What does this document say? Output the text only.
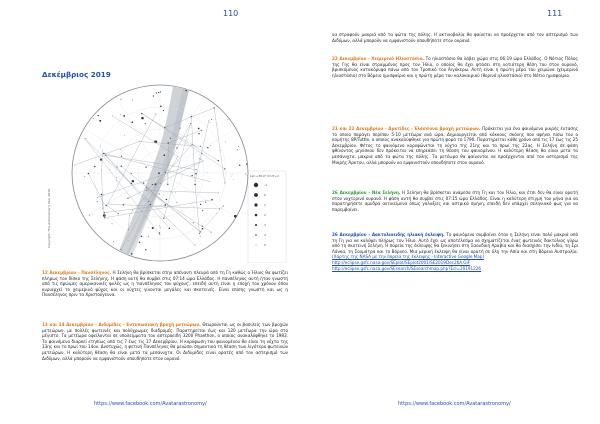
110
Δεκέμβριος 2019
Lat:+38.0° N UT+2
-1
0
1
2
3
4
5
Copyright: The Astronomer's Year 2019
12 Δεκεμβρίου - Πανσέληνος. Η Σελήνη θα βρίσκεται στην απέναντι πλευρά από τη Γη καθώς ο Ήλιος θα φωτίζει πλήρως τον δίσκο της Σελήνης. Η φάση αυτή θα συμβεί στις 07:14 ώρα Ελλάδος. Η πανσέληνος αυτή ήταν γνωστή από τις πρώιμες αμερικανικές φυλές ως η 'πανσέληνος του ψύχους', επειδή αυτή είναι η εποχή του χρόνου όπου κυριαρχεί το χειμερινό ψύχος και οι νύχτες γίνονται μεγάλες και σκοτεινές. Είναι επίσης γνωστή και ως η Πανσέληνος πριν τα Χριστούγεννα.
13 και 14 Δεκεμβρίου - Διδυμίδες - Εντυπωσιακή βροχή μετεώρων. Θεωρούνται ως οι βασιλείς των βροχών μετεώρων, με πολλές φωτεινές και πολύχρωμες διαδρομές. Παρατηρείται έως και 120 μετέωρα την ώρα στο μέγιστο. Τα μετέωρα οφείλονται σε υπολείμματα του αστεροειδή 3200 Phaethon, ο οποίος ανακαλύφθηκε το 1983. Το φαινόμενο διαρκεί ετησίως από τις 7 έως τις 17 Δεκεμβρίου. Η κορύφωση του φαινομένου θα είναι τη νύχτα της 13ης και το πρωί του 14ου. Δυστυχώς, η φετινή Πανσέληνος θα μειώσει σημαντικά τη θέαση των λιγότερο φωτεινών μετεώρων. Η καλύτερη θέαση θα είναι μετά τα μεσάνυχτα. Οι Διδυμίδες είναι ορατές από τον αστερισμό των Διδύμων, αλλά μπορούν να εμφανιστούν οπουδήποτε στον ουρανό.
https://www.facebook.com/Avatarastronomy/
111
να στραφούν μακριά από τα φώτα της πόλης. Η ακτινοβολία θα φαίνεται να προέρχεται από τον αστερισμό των Διδύμων, αλλά μπορούν να εμφανιστούν οπουδήποτε στον ουρανό.
22 Δεκεμβρίου - Χειμερινό Ηλιοστάσιο. Το ηλιοστάσιο θα λάβει χώρα στις 06:19 ώρα Ελλάδος. Ο Νότιος Πόλος της Γης θα είναι στραμμένος προς τον Ήλιο, ο οποίος θα έχει φτάσει στη νοτιότερη θέση του στον ουρανό, βρισκόμενος κατακόρυφα πάνω από τον Τροπικό του Αιγόκερω. Αυτή είναι η πρώτη μέρα του χειμώνα (χειμερινό ηλιοστάσιο) στο Βόρειο ημισφαίριο και η πρώτη μέρα του καλοκαιριού (θερινό ηλιοστάσιο) στο Νότιο ημισφαίριο.
21 και 22 Δεκεμβρίου - Αρκτίδες - Ελάσσονα βροχή μετεώρων. Πρόκειται για ένα φαινόμενο μικρής έντασης το οποίο παράγει περίπου 5-10 μετέωρα ανά ώρα. Δημιουργείται από κόκκους σκόνης που αφήνει πίσω του ο κομήτης 8P/Tuttle, ο οποίος ανακαλύφθηκε για πρώτη φορά το 1790. Παρατηρείται κάθε χρόνο από τις 17 έως τις 25 Δεκεμβρίου. Φέτος το φαινόμενο κορυφώνεται τη νύχτα της 21ης και το πρωί της 22ας. Η Σελήνη σε φάση φθίνοντος μηνίσκου δεν πρόκειται να επηρεάσει τη θέαση του φαινομένου. Η καλύτερη θέαση θα είναι μετά τα μεσάνυχτα, μακριά από τα φώτα της πόλης. Τα μετέωρα θα φαίνονται να προέρχονται από τον αστερισμό της Μικρής Άρκτου, αλλά μπορούν να εμφανιστούν οπουδήποτε στον ουρανό.
26 Δεκεμβρίου - Νέα Σελήνη. Η Σελήνη θα βρίσκεται ανάμεσα στη Γη και τον Ήλιο, και έτσι δεν θα είναι ορατή στον νυχτερινό ουρανό. Η φάση αυτή θα συμβεί στις 07:15 ώρα Ελλάδος. Είναι η καλύτερη στιγμή του μήνα για να παρατηρήσετε αμυδρά αντικείμενα όπως γαλαξίες και αστρικά σμήνη, επειδή δεν υπάρχει σεληνιακό φως για να παρεμβαίνει.
26 Δεκεμβρίου - Δακτυλιοειδής ηλιακή έκλειψη. Το φαινόμενο συμβαίνει όταν η Σελήνη είναι πολύ μακριά από τη Γη για να καλύψει πλήρως τον Ήλιο. Αυτό έχει ως αποτέλεσμα να σχηματίζεται ένας φωτεινός δακτύλιος γύρω από τη σκοτεινή Σελήνη. Η πορεία της έκλειψης θα ξεκινήσει στη Σαουδική Αραβία και θα διασχίσει την Ινδία, τη Σρι Λάνκα, τη Σουμάτρα και το Βόρνεο. Μια μερική έκλειψη θα είναι ορατή σε όλη την Ασία και στη Βόρεια Αυστραλία. (Χάρτης της NASA με την πορεία της έκλειψης - Interactive Google Map)
http://eclipse.gsfc.nasa.gov/SEplot/SEplot2001/SE2019Dec26A.GIF
http://eclipse.gsfc.nasa.gov/SEsearch/SEsearchmap.php?Ecl=20191226
https://www.facebook.com/Avatarastronomy/
